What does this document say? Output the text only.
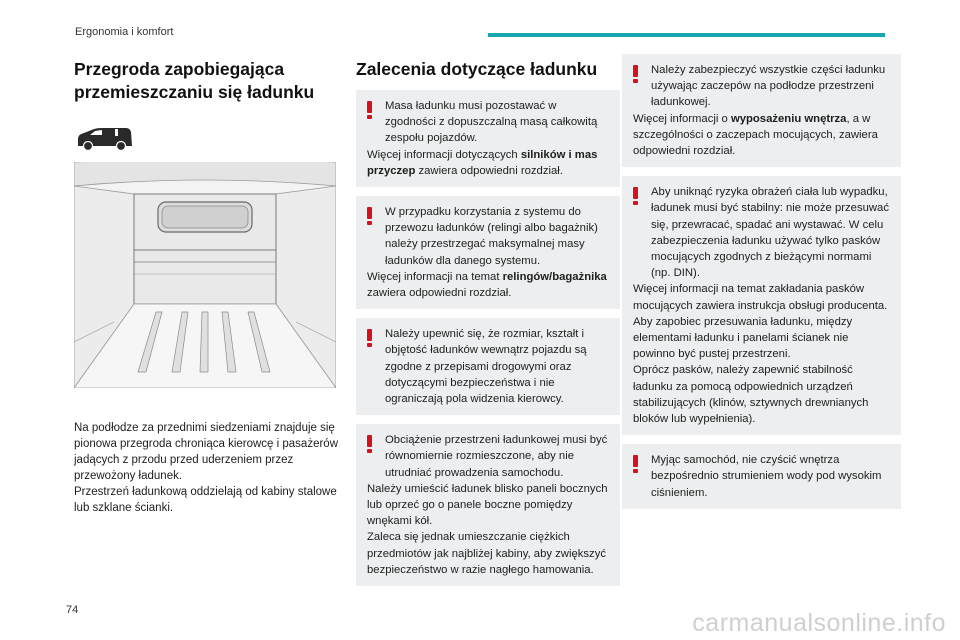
Ergonomia i komfort
Przegroda zapobiegająca przemieszczaniu się ładunku

Na podłodze za przednimi siedzeniami znajduje się pionowa przegroda chroniąca kierowcę i pasażerów jadących z przodu przed uderzeniem przez przewożony ładunek.

Przestrzeń ładunkową oddzielają od kabiny stalowe lub szklane ścianki.

Zalecenia dotyczące ładunku

Masa ładunku musi pozostawać w zgodności z dopuszczalną masą całkowitą zespołu pojazdów.

Więcej informacji dotyczących silników i mas przyczep zawiera odpowiedni rozdział.

W przypadku korzystania z systemu do przewozu ładunków (relingi albo bagażnik) należy przestrzegać maksymalnej masy ładunków dla danego systemu.

Więcej informacji na temat relingów/bagażnika zawiera odpowiedni rozdział.

Należy upewnić się, że rozmiar, kształt i objętość ładunków wewnątrz pojazdu są zgodne z przepisami drogowymi oraz dotyczącymi bezpieczeństwa i nie ograniczają pola widzenia kierowcy.

Obciążenie przestrzeni ładunkowej musi być równomiernie rozmieszczone, aby nie utrudniać prowadzenia samochodu.

Należy umieścić ładunek blisko paneli bocznych lub oprzeć go o panele boczne pomiędzy wnękami kół.

Zaleca się jednak umieszczanie ciężkich przedmiotów jak najbliżej kabiny, aby zwiększyć bezpieczeństwo w razie nagłego hamowania.

Należy zabezpieczyć wszystkie części ładunku używając zaczepów na podłodze przestrzeni ładunkowej.

Więcej informacji o wyposażeniu wnętrza, a w szczególności o zaczepach mocujących, zawiera odpowiedni rozdział.

Aby uniknąć ryzyka obrażeń ciała lub wypadku, ładunek musi być stabilny: nie może przesuwać się, przewracać, spadać ani wystawać. W celu zabezpieczenia ładunku używać tylko pasków mocujących zgodnych z bieżącymi normami (np. DIN).

Więcej informacji na temat zakładania pasków mocujących zawiera instrukcja obsługi producenta.

Aby zapobiec przesuwania ładunku, między elementami ładunku i panelami ścianek nie powinno być pustej przestrzeni.

Oprócz pasków, należy zapewnić stabilność ładunku za pomocą odpowiednich urządzeń stabilizujących (klinów, sztywnych drewnianych bloków lub wypełnienia).

Myjąc samochód, nie czyścić wnętrza bezpośrednio strumieniem wody pod wysokim ciśnieniem.

74	carmanualsonline.info
